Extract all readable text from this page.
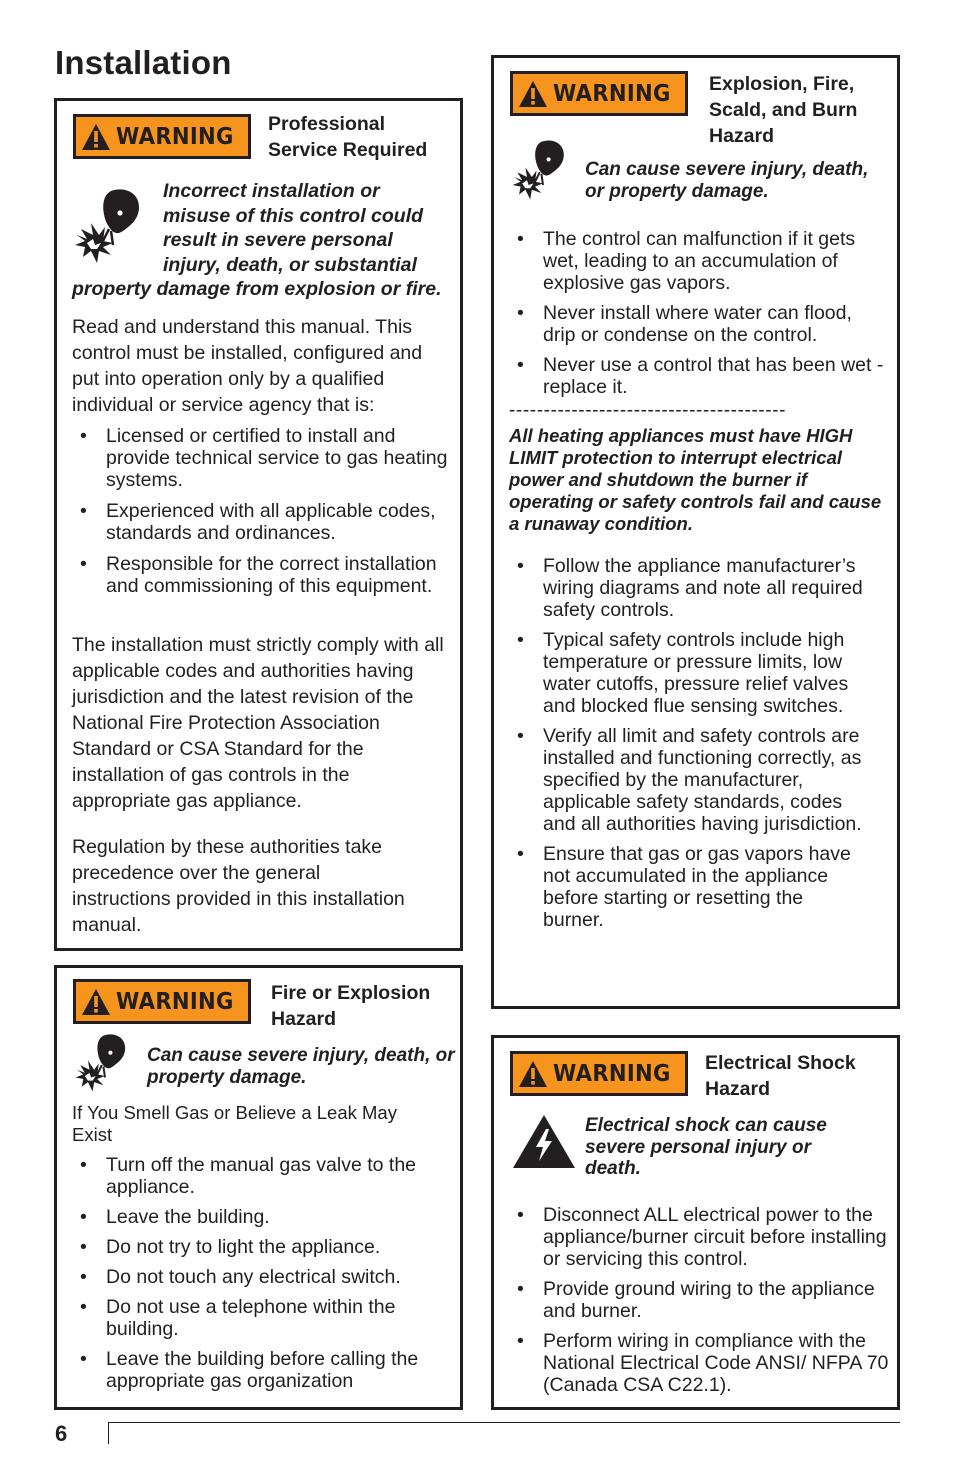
Installation
WARNING Professional
Service Required
Incorrect installation or
misuse of this control could
result in severe personal
injury, death, or substantial
property damage from explosion or fire.
Read and understand this manual. This control must be installed, configured and put into operation only by a qualified individual or service agency that is:
• Licensed or certified to install and provide technical service to gas heating systems.
• Experienced with all applicable codes, standards and ordinances.
• Responsible for the correct installation and commissioning of this equipment.
The installation must strictly comply with all applicable codes and authorities having jurisdiction and the latest revision of the National Fire Protection Association Standard or CSA Standard for the installation of gas controls in the appropriate gas appliance.
Regulation by these authorities take precedence over the general instructions provided in this installation manual.
WARNING Fire or Explosion
Hazard
Can cause severe injury, death, or property damage.
If You Smell Gas or Believe a Leak May Exist
• Turn off the manual gas valve to the appliance.
• Leave the building.
• Do not try to light the appliance.
• Do not touch any electrical switch.
• Do not use a telephone within the building.
• Leave the building before calling the appropriate gas organization
WARNING Explosion, Fire,
Scald, and Burn
Hazard
Can cause severe injury, death, or property damage.
• The control can malfunction if it gets wet, leading to an accumulation of explosive gas vapors.
• Never install where water can flood, drip or condense on the control.
• Never use a control that has been wet - replace it.
----------------------------------------
All heating appliances must have HIGH LIMIT protection to interrupt electrical power and shutdown the burner if operating or safety controls fail and cause a runaway condition.
• Follow the appliance manufacturer’s wiring diagrams and note all required safety controls.
• Typical safety controls include high temperature or pressure limits, low water cutoffs, pressure relief valves and blocked flue sensing switches.
• Verify all limit and safety controls are installed and functioning correctly, as specified by the manufacturer, applicable safety standards, codes and all authorities having jurisdiction.
• Ensure that gas or gas vapors have not accumulated in the appliance before starting or resetting the burner.
WARNING Electrical Shock
Hazard
Electrical shock can cause severe personal injury or death.
• Disconnect ALL electrical power to the appliance/burner circuit before installing or servicing this control.
• Provide ground wiring to the appliance and burner.
• Perform wiring in compliance with the National Electrical Code ANSI/ NFPA 70 (Canada CSA C22.1).
6
